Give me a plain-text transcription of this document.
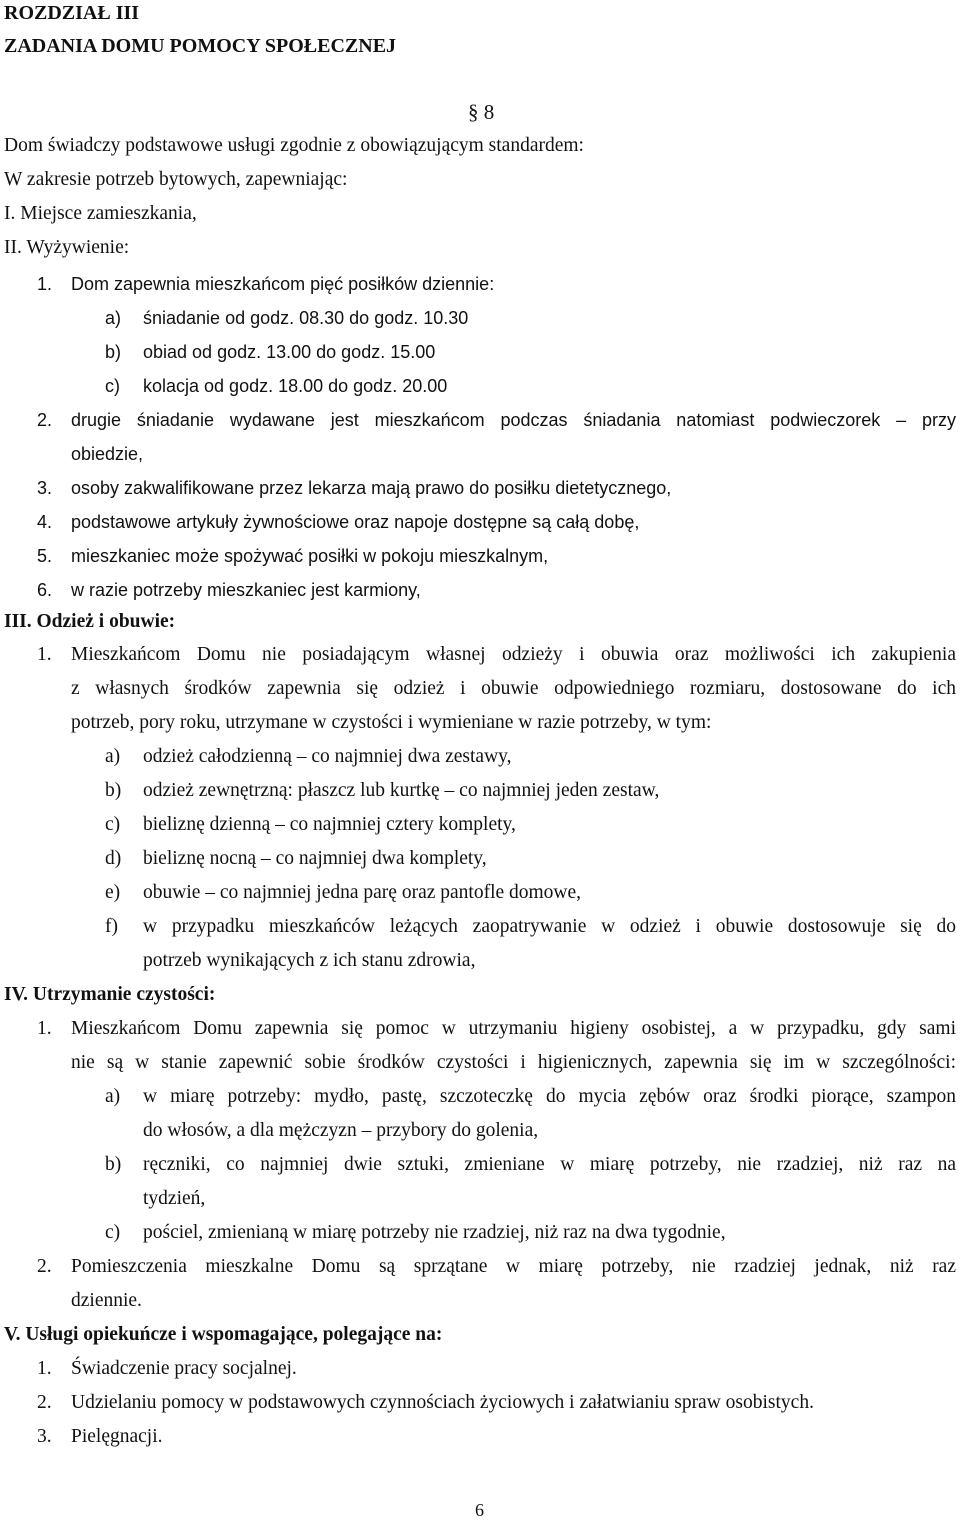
ROZDZIAŁ III
ZADANIA DOMU POMOCY SPOŁECZNEJ
§ 8
Dom świadczy podstawowe usługi zgodnie z obowiązującym standardem:
W zakresie potrzeb bytowych, zapewniając:
I. Miejsce zamieszkania,
II. Wyżywienie:
1. Dom zapewnia mieszkańcom pięć posiłków dziennie:
a) śniadanie od godz. 08.30 do godz. 10.30
b) obiad od godz. 13.00 do godz. 15.00
c) kolacja od godz. 18.00 do godz. 20.00
2. drugie śniadanie wydawane jest mieszkańcom podczas śniadania natomiast podwieczorek – przy
obiedzie,
3. osoby zakwalifikowane przez lekarza mają prawo do posiłku dietetycznego,
4. podstawowe artykuły żywnościowe oraz napoje dostępne są całą dobę,
5. mieszkaniec może spożywać posiłki w pokoju mieszkalnym,
6. w razie potrzeby mieszkaniec jest karmiony,
III. Odzież i obuwie:
1. Mieszkańcom Domu nie posiadającym własnej odzieży i obuwia oraz możliwości ich zakupienia
z własnych środków zapewnia się odzież i obuwie odpowiedniego rozmiaru, dostosowane do ich
potrzeb, pory roku, utrzymane w czystości i wymieniane w razie potrzeby, w tym:
a) odzież całodzienną – co najmniej dwa zestawy,
b) odzież zewnętrzną: płaszcz lub kurtkę – co najmniej jeden zestaw,
c) bieliznę dzienną – co najmniej cztery komplety,
d) bieliznę nocną – co najmniej dwa komplety,
e) obuwie – co najmniej jedna parę oraz pantofle domowe,
f) w przypadku mieszkańców leżących zaopatrywanie w odzież i obuwie dostosowuje się do
potrzeb wynikających z ich stanu zdrowia,
IV. Utrzymanie czystości:
1. Mieszkańcom Domu zapewnia się pomoc w utrzymaniu higieny osobistej, a w przypadku, gdy sami
nie są w stanie zapewnić sobie środków czystości i higienicznych, zapewnia się im w szczególności:
a) w miarę potrzeby: mydło, pastę, szczoteczkę do mycia zębów oraz środki piorące, szampon
do włosów, a dla mężczyzn – przybory do golenia,
b) ręczniki, co najmniej dwie sztuki, zmieniane w miarę potrzeby, nie rzadziej, niż raz na
tydzień,
c) pościel, zmienianą w miarę potrzeby nie rzadziej, niż raz na dwa tygodnie,
2. Pomieszczenia mieszkalne Domu są sprzątane w miarę potrzeby, nie rzadziej jednak, niż raz
dziennie.
V. Usługi opiekuńcze i wspomagające, polegające na:
1. Świadczenie pracy socjalnej.
2. Udzielaniu pomocy w podstawowych czynnościach życiowych i załatwianiu spraw osobistych.
3. Pielęgnacji.
6
